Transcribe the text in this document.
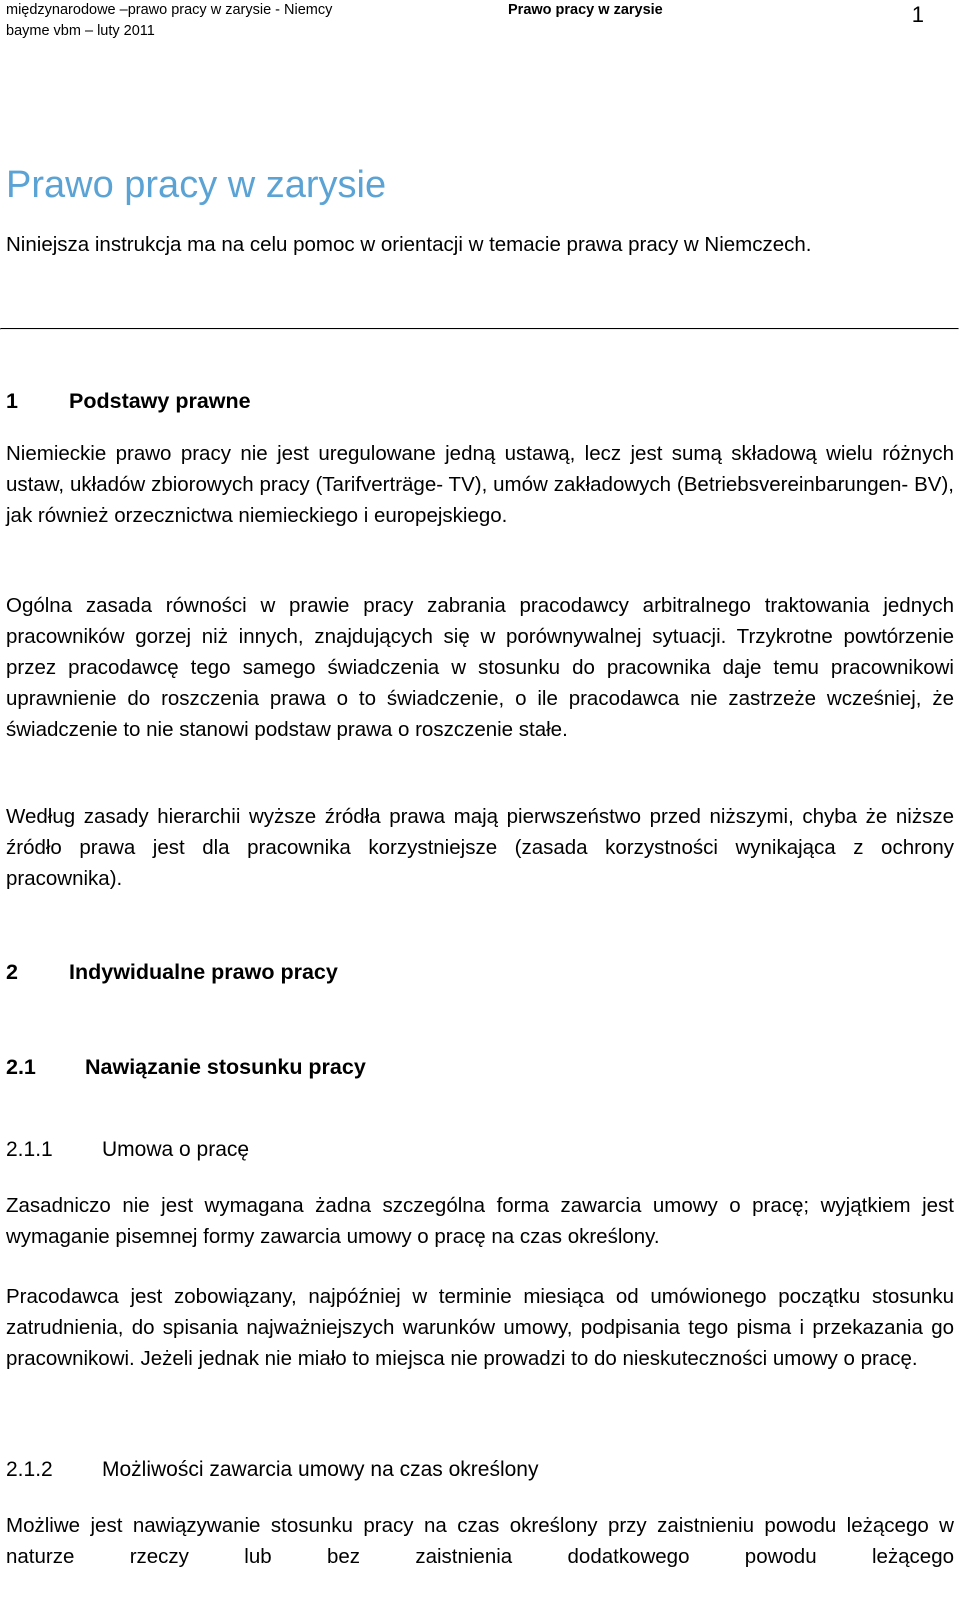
międzynarodowe –prawo pracy w zarysie - Niemcy
bayme vbm – luty 2011
Prawo pracy w zarysie	1
Prawo pracy w zarysie

Niniejsza instrukcja ma na celu pomoc w orientacji w temacie prawa pracy w Niemczech.

1 Podstawy prawne

Niemieckie prawo pracy nie jest uregulowane jedną ustawą, lecz jest sumą składową wielu różnych ustaw, układów zbiorowych pracy (Tarifverträge- TV), umów zakładowych (Betriebsvereinbarungen- BV), jak również orzecznictwa niemieckiego i europejskiego.

Ogólna zasada równości w prawie pracy zabrania pracodawcy arbitralnego traktowania jednych pracowników gorzej niż innych, znajdujących się w porównywalnej sytuacji. Trzykrotne powtórzenie przez pracodawcę tego samego świadczenia w stosunku do pracownika daje temu pracownikowi uprawnienie do roszczenia prawa o to świadczenie, o ile pracodawca nie zastrzeże wcześniej, że świadczenie to nie stanowi podstaw prawa o roszczenie stałe.

Według zasady hierarchii wyższe źródła prawa mają pierwszeństwo przed niższymi, chyba że niższe źródło prawa jest dla pracownika korzystniejsze (zasada korzystności wynikająca z ochrony pracownika).

2 Indywidualne prawo pracy
2.1 Nawiązanie stosunku pracy
2.1.1 Umowa o pracę

Zasadniczo nie jest wymagana żadna szczególna forma zawarcia umowy o pracę; wyjątkiem jest wymaganie pisemnej formy zawarcia umowy o pracę na czas określony.

Pracodawca jest zobowiązany, najpóźniej w terminie miesiąca od umówionego początku stosunku zatrudnienia, do spisania najważniejszych warunków umowy, podpisania tego pisma i przekazania go pracownikowi. Jeżeli jednak nie miało to miejsca nie prowadzi to do nieskuteczności umowy o pracę.

2.1.2 Możliwości zawarcia umowy na czas określony

Możliwe jest nawiązywanie stosunku pracy na czas określony przy zaistnieniu powodu leżącego w naturze rzeczy lub bez zaistnienia dodatkowego powodu leżącego
